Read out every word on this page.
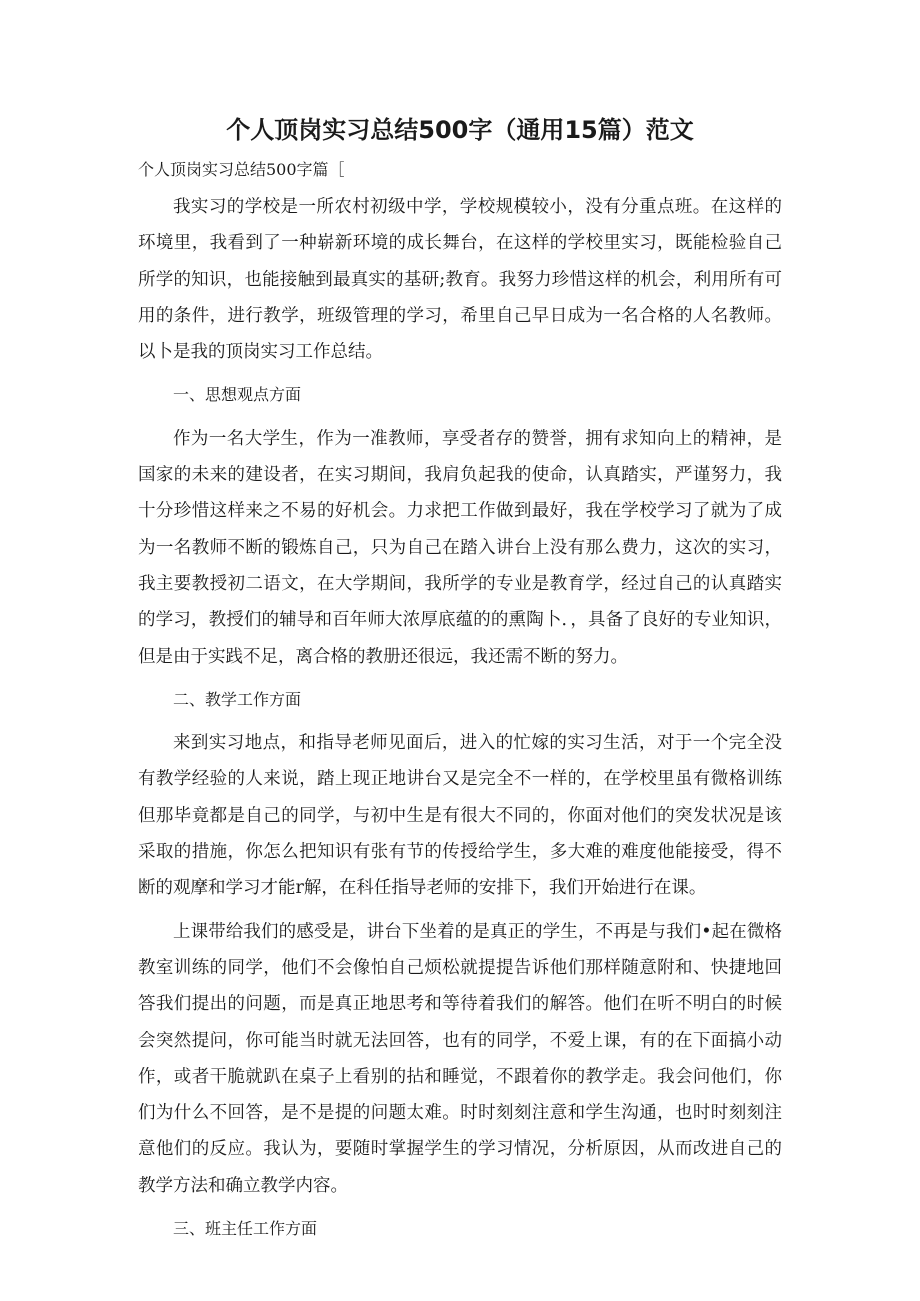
个人顶岗实习总结500字（通用15篇）范文

个人顶岗实习总结500字篇［

我实习的学校是一所农村初级中学，学校规模较小，没有分重点班。在这样的环境里，我看到了一种崭新环境的成长舞台，在这样的学校里实习，既能检验自己所学的知识，也能接触到最真实的基研;教育。我努力珍惜这样的机会，利用所有可用的条件，进行教学，班级管理的学习，希里自己早日成为一名合格的人名教师。以卜是我的顶岗实习工作总结。

一、思想观点方面

作为一名大学生，作为一准教师，享受者存的赞誉，拥有求知向上的精神，是国家的未来的建设者，在实习期间，我肩负起我的使命，认真踏实，严谨努力，我十分珍惜这样来之不易的好机会。力求把工作做到最好，我在学校学习了就为了成为一名教师不断的锻炼自己，只为自己在踏入讲台上没有那么费力，这次的实习，我主要教授初二语文，在大学期间，我所学的专业是教育学，经过自己的认真踏实的学习，教授们的辅导和百年师大浓厚底蕴的的熏陶卜．，具备了良好的专业知识，但是由于实践不足，离合格的教册还很远，我还需不断的努力。

二、教学工作方面

来到实习地点，和指导老师见面后，进入的忙嫁的实习生活，对于一个完全没有教学经验的人来说，踏上现正地讲台又是完全不一样的，在学校里虽有微格训练但那毕竟都是自己的同学，与初中生是有很大不同的，你面对他们的突发状况是该采取的措施，你怎么把知识有张有节的传授给学生，多大难的难度他能接受，得不断的观摩和学习才能r解，在科任指导老师的安排下，我们开始进行在课。

上课带给我们的感受是，讲台下坐着的是真正的学生，不再是与我们•起在微格教室训练的同学，他们不会像怕自己烦松就提提告诉他们那样随意附和、快捷地回答我们提出的问题，而是真正地思考和等待着我们的解答。他们在听不明白的时候会突然提问，你可能当时就无法回答，也有的同学，不爱上课，有的在下面搞小动作，或者干脆就趴在桌子上看别的拈和睡觉，不跟着你的教学走。我会问他们，你们为什么不回答，是不是提的问题太难。时时刻刻注意和学生沟通，也时时刻刻注意他们的反应。我认为，要随时掌握学生的学习情况，分析原因，从而改进自己的教学方法和确立教学内容。

三、班主任工作方面
